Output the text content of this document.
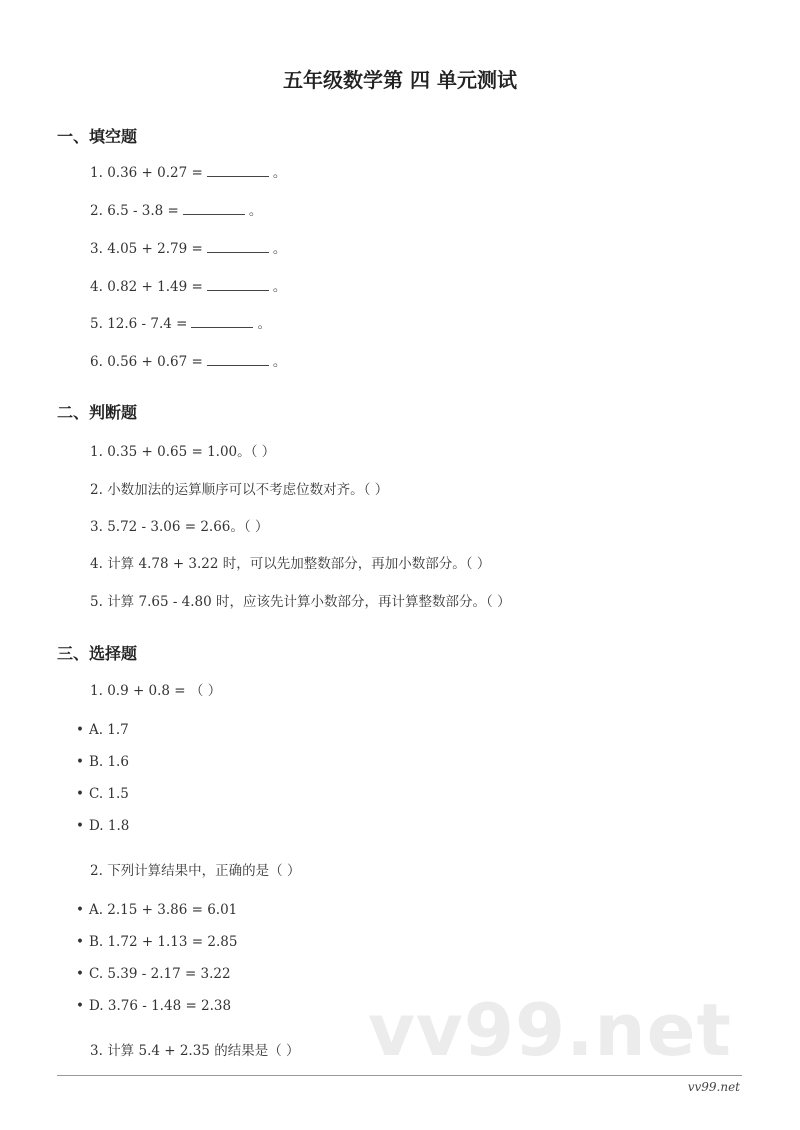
五年级数学第 四 单元测试
一、填空题
1. 0.36 + 0.27 =	。
2. 6.5 - 3.8 =	。
3. 4.05 + 2.79 =	。
4. 0.82 + 1.49 =	。
5. 12.6 - 7.4 =	。
6. 0.56 + 0.67 =	。
二、判断题
1. 0.35 + 0.65 = 1.00。（ ）
2. 小数加法的运算顺序可以不考虑位数对齐。（ ）
3. 5.72 - 3.06 = 2.66。（ ）
4. 计算 4.78 + 3.22 时，可以先加整数部分，再加小数部分。（ ）
5. 计算 7.65 - 4.80 时，应该先计算小数部分，再计算整数部分。（ ）
三、选择题
1. 0.9 + 0.8 = （ ）
• A. 1.7
• B. 1.6
• C. 1.5
• D. 1.8
2. 下列计算结果中，正确的是（ ）
• A. 2.15 + 3.86 = 6.01
• B. 1.72 + 1.13 = 2.85
• C. 5.39 - 2.17 = 3.22
vv99.net
• D. 3.76 - 1.48 = 2.38
3. 计算 5.4 + 2.35 的结果是（ ）
vv99.net
